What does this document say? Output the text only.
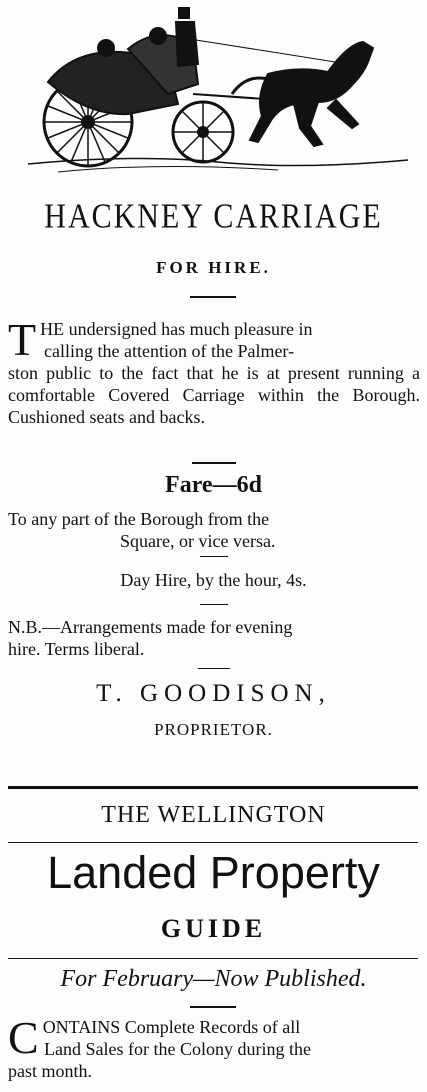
HACKNEY CARRIAGE
FOR HIRE.
T HE undersigned has much pleasure in
calling the attention of the Palmer-
ston public to the fact that he is at present running a comfortable Covered Carriage within the Borough. Cushioned seats and backs.
Fare—6d
To any part of the Borough from the
Square, or vice versa.
Day Hire, by the hour, 4s.
N.B.—Arrangements made for evening
hire. Terms liberal.
T. GOODISON,
PROPRIETOR.
THE WELLINGTON
Landed Property
GUIDE
For February—Now Published.
C ONTAINS Complete Records of all
Land Sales for the Colony during the
past month.
